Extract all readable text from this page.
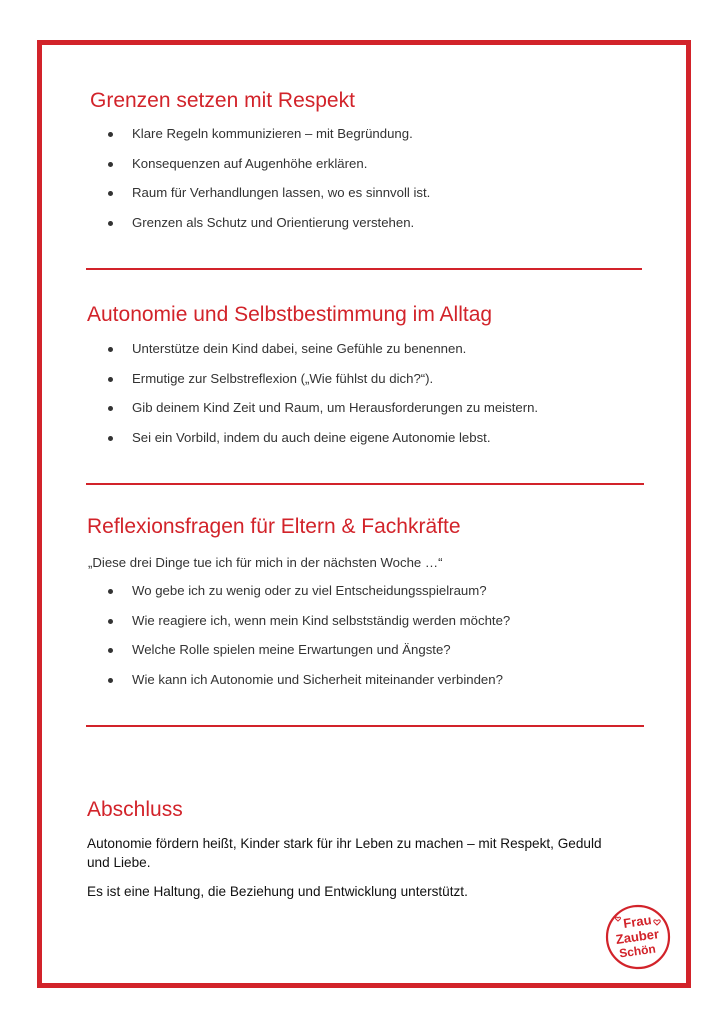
Grenzen setzen mit Respekt
Klare Regeln kommunizieren – mit Begründung.
Konsequenzen auf Augenhöhe erklären.
Raum für Verhandlungen lassen, wo es sinnvoll ist.
Grenzen als Schutz und Orientierung verstehen.
Autonomie und Selbstbestimmung im Alltag
Unterstütze dein Kind dabei, seine Gefühle zu benennen.
Ermutige zur Selbstreflexion („Wie fühlst du dich?“).
Gib deinem Kind Zeit und Raum, um Herausforderungen zu meistern.
Sei ein Vorbild, indem du auch deine eigene Autonomie lebst.
Reflexionsfragen für Eltern & Fachkräfte

„Diese drei Dinge tue ich für mich in der nächsten Woche …“

Wo gebe ich zu wenig oder zu viel Entscheidungsspielraum?
Wie reagiere ich, wenn mein Kind selbstständig werden möchte?
Welche Rolle spielen meine Erwartungen und Ängste?
Wie kann ich Autonomie und Sicherheit miteinander verbinden?
Abschluss

Autonomie fördern heißt, Kinder stark für ihr Leben zu machen – mit Respekt, Geduld und Liebe.

Es ist eine Haltung, die Beziehung und Entwicklung unterstützt.

Frau
Zauber
Schön
